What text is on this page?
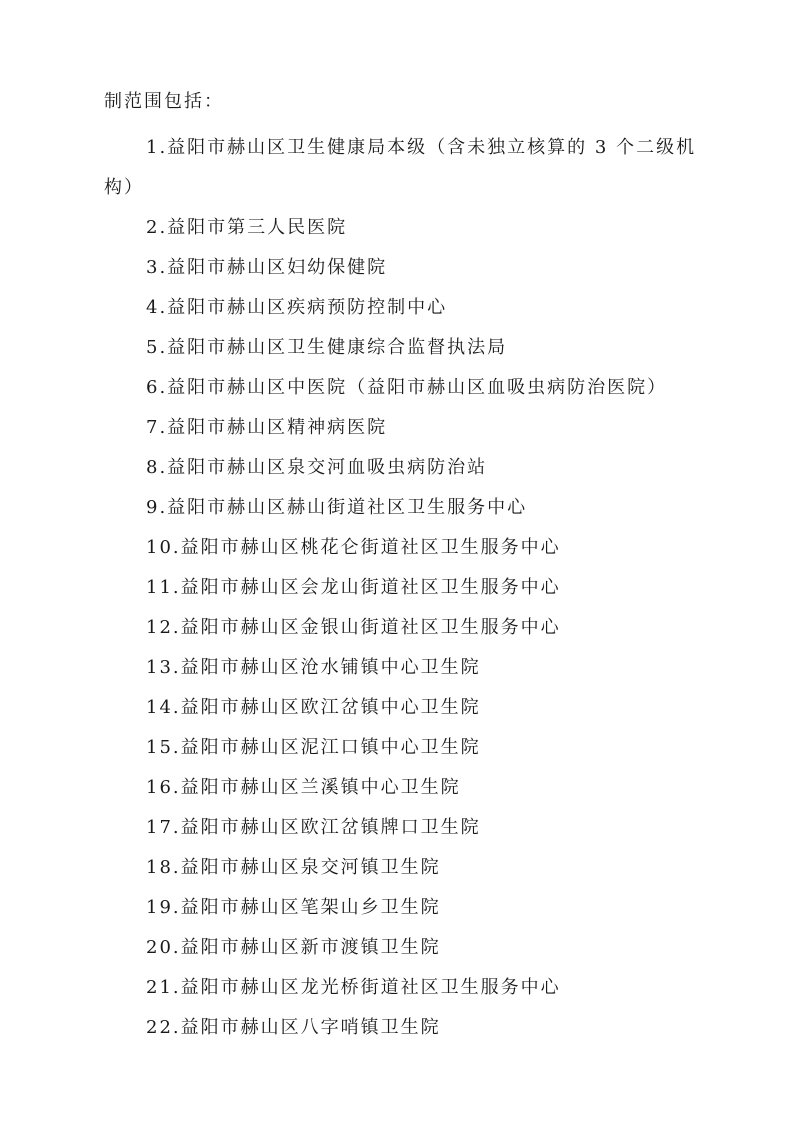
制范围包括：
1.益阳市赫山区卫生健康局本级（含未独立核算的 3 个二级机构）
2.益阳市第三人民医院
3.益阳市赫山区妇幼保健院
4.益阳市赫山区疾病预防控制中心
5.益阳市赫山区卫生健康综合监督执法局
6.益阳市赫山区中医院（益阳市赫山区血吸虫病防治医院）
7.益阳市赫山区精神病医院
8.益阳市赫山区泉交河血吸虫病防治站
9.益阳市赫山区赫山街道社区卫生服务中心
10.益阳市赫山区桃花仑街道社区卫生服务中心
11.益阳市赫山区会龙山街道社区卫生服务中心
12.益阳市赫山区金银山街道社区卫生服务中心
13.益阳市赫山区沧水铺镇中心卫生院
14.益阳市赫山区欧江岔镇中心卫生院
15.益阳市赫山区泥江口镇中心卫生院
16.益阳市赫山区兰溪镇中心卫生院
17.益阳市赫山区欧江岔镇牌口卫生院
18.益阳市赫山区泉交河镇卫生院
19.益阳市赫山区笔架山乡卫生院
20.益阳市赫山区新市渡镇卫生院
21.益阳市赫山区龙光桥街道社区卫生服务中心
22.益阳市赫山区八字哨镇卫生院
